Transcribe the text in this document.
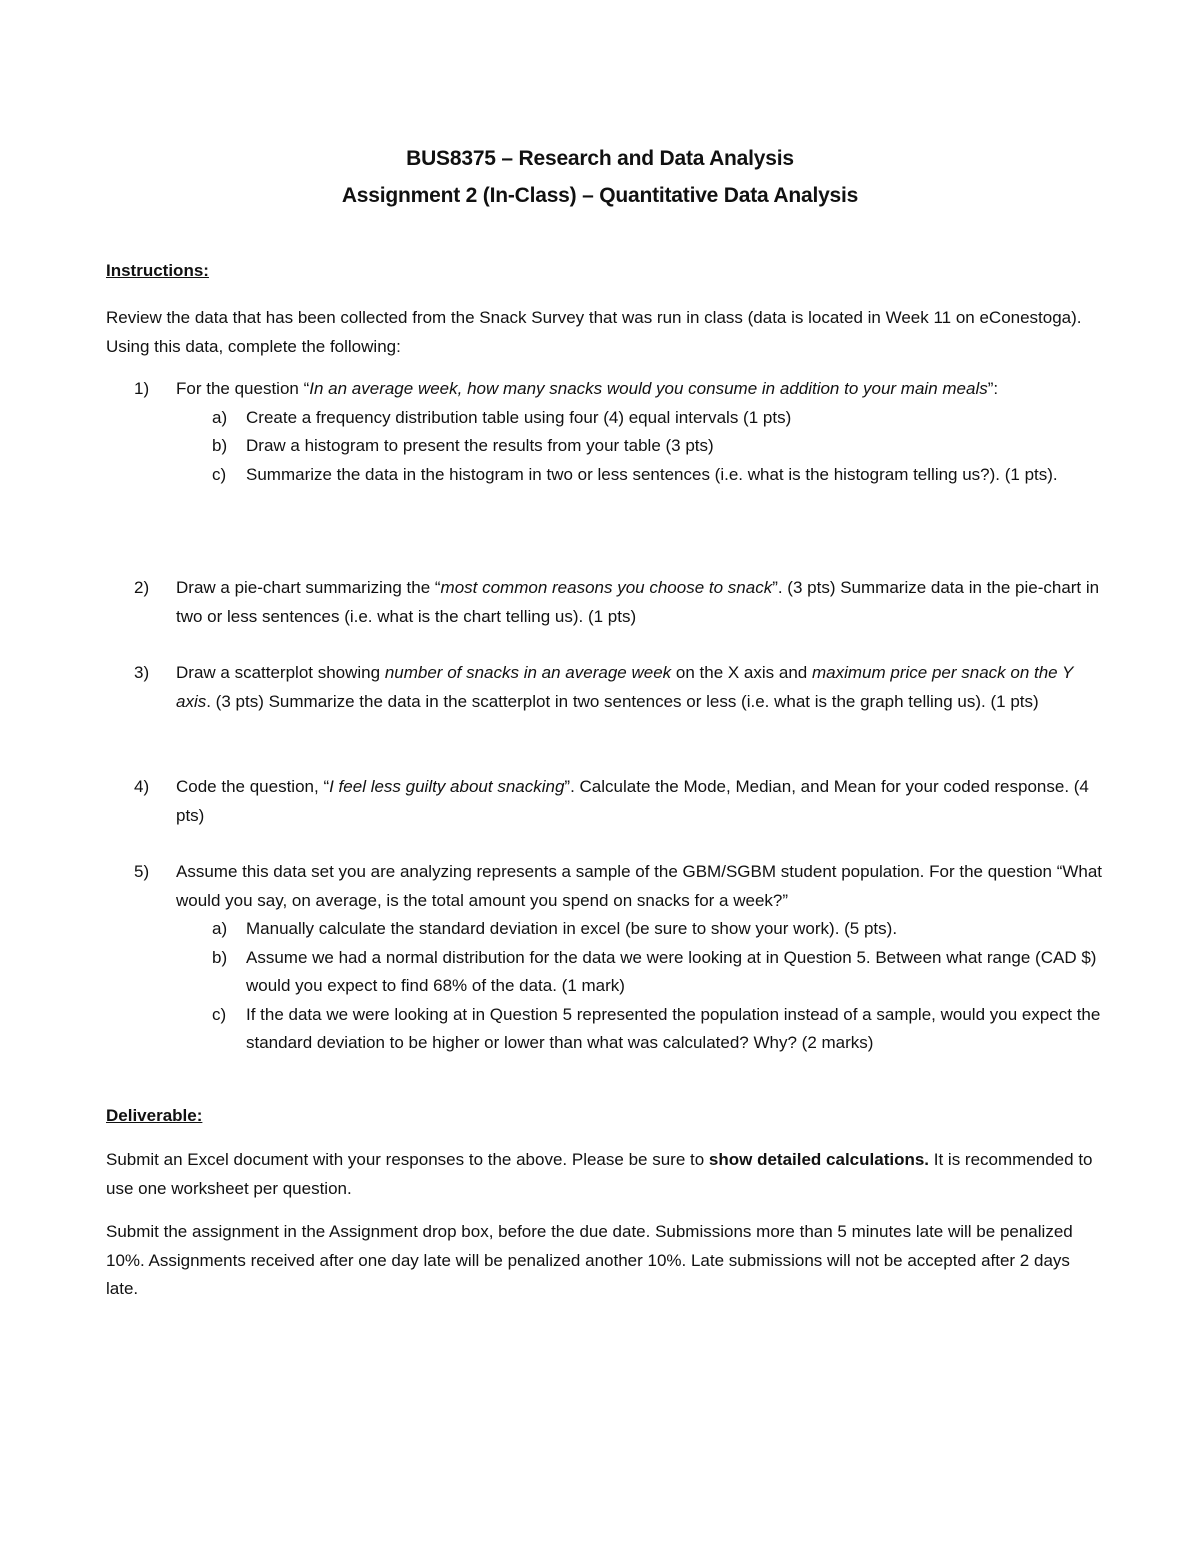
BUS8375 – Research and Data Analysis
Assignment 2 (In-Class) – Quantitative Data Analysis
Instructions:
Review the data that has been collected from the Snack Survey that was run in class (data is located in Week 11 on eConestoga). Using this data, complete the following:
1) For the question “In an average week, how many snacks would you consume in addition to your main meals”:
a) Create a frequency distribution table using four (4) equal intervals (1 pts)
b) Draw a histogram to present the results from your table (3 pts)
c) Summarize the data in the histogram in two or less sentences (i.e. what is the histogram telling us?). (1 pts).
2) Draw a pie-chart summarizing the “most common reasons you choose to snack”. (3 pts) Summarize data in the pie-chart in two or less sentences (i.e. what is the chart telling us). (1 pts)
3) Draw a scatterplot showing number of snacks in an average week on the X axis and maximum price per snack on the Y axis. (3 pts) Summarize the data in the scatterplot in two sentences or less (i.e. what is the graph telling us). (1 pts)
4) Code the question, “I feel less guilty about snacking”. Calculate the Mode, Median, and Mean for your coded response. (4 pts)
5) Assume this data set you are analyzing represents a sample of the GBM/SGBM student population. For the question “What would you say, on average, is the total amount you spend on snacks for a week?”
a) Manually calculate the standard deviation in excel (be sure to show your work). (5 pts).
b) Assume we had a normal distribution for the data we were looking at in Question 5. Between what range (CAD $) would you expect to find 68% of the data. (1 mark)
c) If the data we were looking at in Question 5 represented the population instead of a sample, would you expect the standard deviation to be higher or lower than what was calculated? Why? (2 marks)
Deliverable:
Submit an Excel document with your responses to the above. Please be sure to show detailed calculations. It is recommended to use one worksheet per question.
Submit the assignment in the Assignment drop box, before the due date. Submissions more than 5 minutes late will be penalized 10%. Assignments received after one day late will be penalized another 10%. Late submissions will not be accepted after 2 days late.
